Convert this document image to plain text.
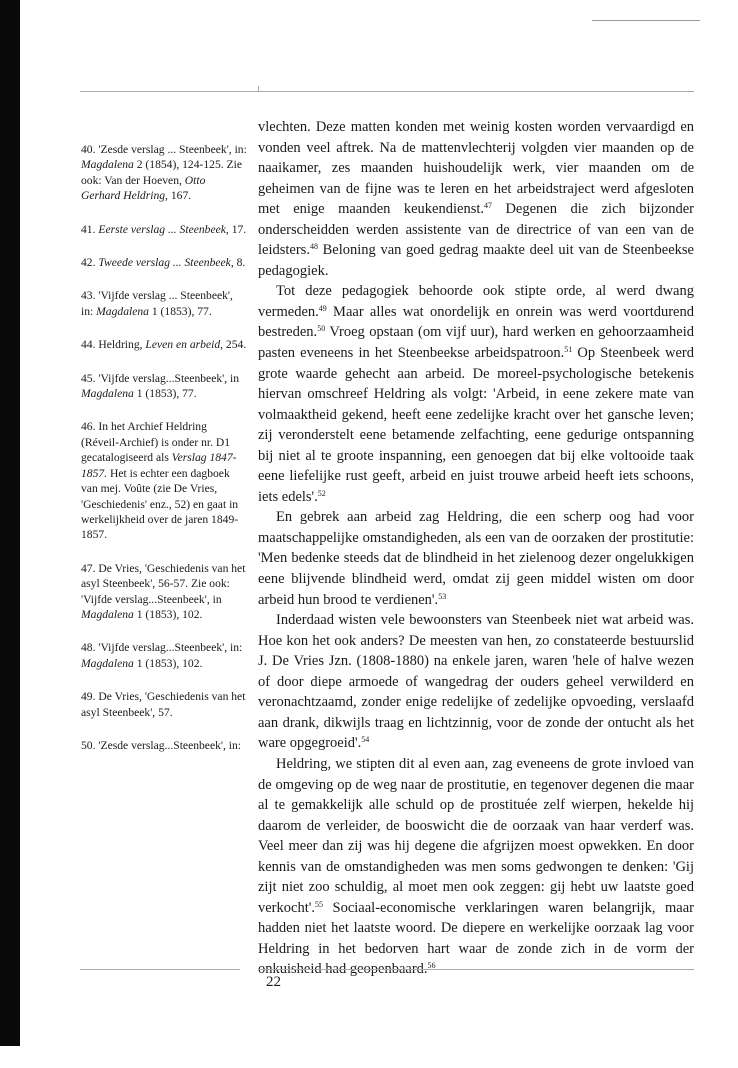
40. 'Zesde verslag ... Steenbeek', in: Magdalena 2 (1854), 124-125. Zie ook: Van der Hoeven, Otto Gerhard Heldring, 167.
41. Eerste verslag ... Steenbeek, 17.
42. Tweede verslag ... Steenbeek, 8.
43. 'Vijfde verslag ... Steenbeek', in: Magdalena 1 (1853), 77.
44. Heldring, Leven en arbeid, 254.
45. 'Vijfde verslag...Steenbeek', in Magdalena 1 (1853), 77.
46. In het Archief Heldring (Réveil-Archief) is onder nr. D1 gecatalogiseerd als Verslag 1847-1857. Het is echter een dagboek van mej. Voûte (zie De Vries, 'Geschiedenis' enz., 52) en gaat in werkelijkheid over de jaren 1849-1857.
47. De Vries, 'Geschiedenis van het asyl Steenbeek', 56-57. Zie ook: 'Vijfde verslag...Steenbeek', in Magdalena 1 (1853), 102.
48. 'Vijfde verslag...Steenbeek', in: Magdalena 1 (1853), 102.
49. De Vries, 'Geschiedenis van het asyl Steenbeek', 57.
50. 'Zesde verslag...Steenbeek', in:

vlechten. Deze matten konden met weinig kosten worden vervaardigd en vonden veel aftrek. Na de mattenvlechterij volgden vier maanden op de naaikamer, zes maanden huishoudelijk werk, vier maanden om de geheimen van de fijne was te leren en het arbeidstraject werd afgesloten met enige maanden keukendienst.$^{47}$ Degenen die zich bijzonder onderscheidden werden assistente van de directrice of van een van de leidsters.$^{48}$ Beloning van goed gedrag maakte deel uit van de Steenbeekse pedagogiek.

Tot deze pedagogiek behoorde ook stipte orde, al werd dwang vermeden.$^{49}$ Maar alles wat onordelijk en onrein was werd voortdurend bestreden.$^{50}$ Vroeg opstaan (om vijf uur), hard werken en gehoorzaamheid pasten eveneens in het Steenbeekse arbeidspatroon.$^{51}$ Op Steenbeek werd grote waarde gehecht aan arbeid. De moreel-psychologische betekenis hiervan omschreef Heldring als volgt: 'Arbeid, in eene zekere mate van volmaaktheid gekend, heeft eene zedelijke kracht over het gansche leven; zij veronderstelt eene betamende zelfachting, eene gedurige ontspanning bij niet al te groote inspanning, een genoegen dat bij elke voltooide taak eene liefelijke rust geeft, arbeid en juist trouwe arbeid heeft iets schoons, iets edels'.$^{52}$

En gebrek aan arbeid zag Heldring, die een scherp oog had voor maatschappelijke omstandigheden, als een van de oorzaken der prostitutie: 'Men bedenke steeds dat de blindheid in het zielenoog dezer ongelukkigen eene blijvende blindheid werd, omdat zij geen middel wisten om door arbeid hun brood te verdienen'.$^{53}$

Inderdaad wisten vele bewoonsters van Steenbeek niet wat arbeid was. Hoe kon het ook anders? De meesten van hen, zo constateerde bestuurslid J. De Vries Jzn. (1808-1880) na enkele jaren, waren 'hele of halve wezen of door diepe armoede of wangedrag der ouders geheel verwilderd en veronachtzaamd, zonder enige redelijke of zedelijke opvoeding, verslaafd aan drank, dikwijls traag en lichtzinnig, voor de zonde der ontucht als het ware opgegroeid'.$^{54}$

Heldring, we stipten dit al even aan, zag eveneens de grote invloed van de omgeving op de weg naar de prostitutie, en tegenover degenen die maar al te gemakkelijk alle schuld op de prostituée zelf wierpen, hekelde hij daarom de verleider, de booswicht die de oorzaak van haar verderf was. Veel meer dan zij was hij degene die afgrijzen moest opwekken. En door kennis van de omstandigheden was men soms gedwongen te denken: 'Gij zijt niet zoo schuldig, al moet men ook zeggen: gij hebt uw laatste goed verkocht'.$^{55}$ Sociaal-economische verklaringen waren belangrijk, maar hadden niet het laatste woord. De diepere en werkelijke oorzaak lag voor Heldring in het bedorven hart waar de zonde zich in de vorm der onkuisheid had geopenbaard.$^{56}$

22
